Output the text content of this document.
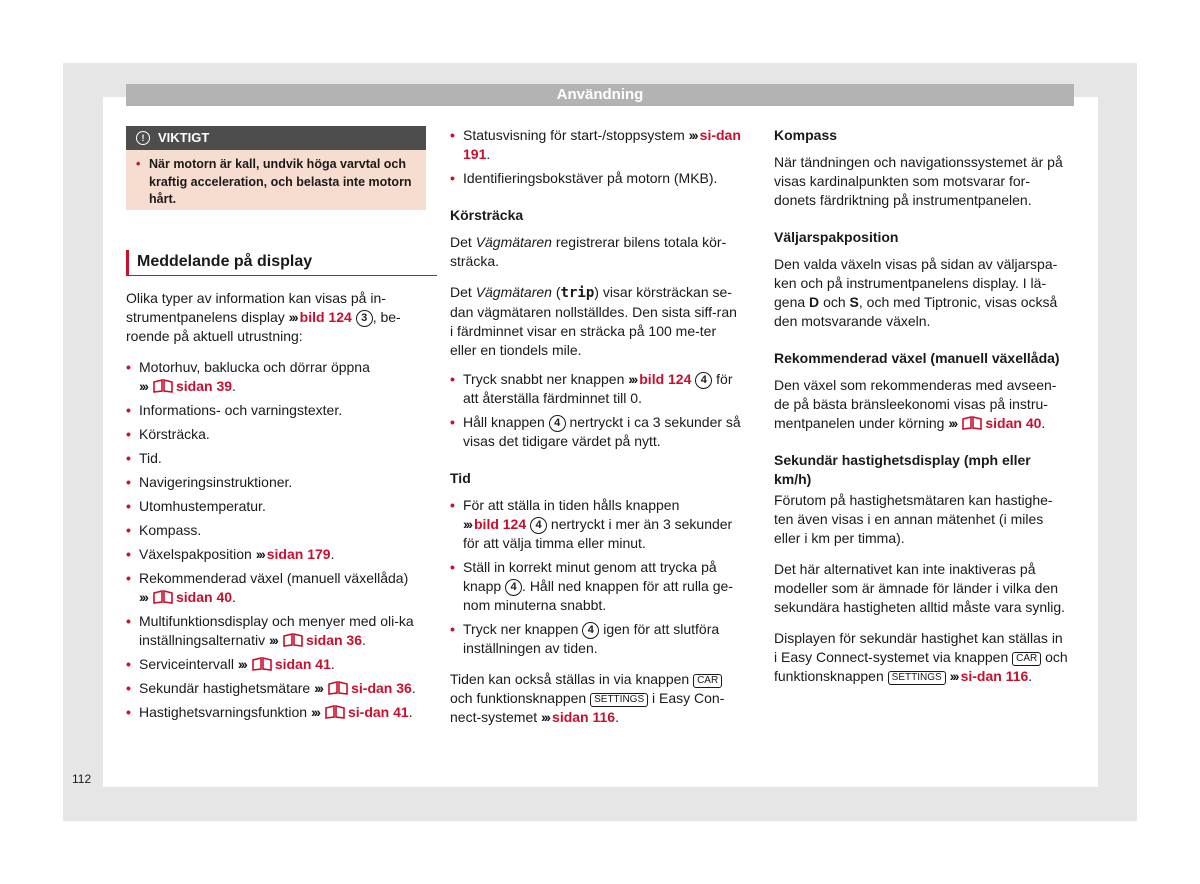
Användning
! VIKTIGT
• När motorn är kall, undvik höga varvtal och kraftig acceleration, och belasta inte motorn hårt.
Meddelande på display

Olika typer av information kan visas på in-strumentpanelens display ››› bild 124 3 , be-roende på aktuell utrustning:

• Motorhuv, baklucka och dörrar öppna
››› sidan 39.
• Informations- och varningstexter.
• Körsträcka.
• Tid.
• Navigeringsinstruktioner.
• Utomhustemperatur.
• Kompass.
• Växelspakposition ››› sidan 179.
• Rekommenderad växel (manuell växellåda)
››› sidan 40.
• Multifunktionsdisplay och menyer med oli-ka inställningsalternativ ››› sidan 36.
• Serviceintervall ››› sidan 41.
• Sekundär hastighetsmätare ››› si-dan 36.
• Hastighetsvarningsfunktion ››› si-dan 41.
• Statusvisning för start-/stoppsystem ››› si-dan 191.
• Identifieringsbokstäver på motorn (MKB).
Körsträcka

Det Vägmätaren registrerar bilens totala kör-sträcka.

Det Vägmätaren (trip) visar körsträckan se-dan vägmätaren nollställdes. Den sista siff-ran i färdminnet visar en sträcka på 100 me-ter eller en tiondels mile.

• Tryck snabbt ner knappen ››› bild 124 4 för att återställa färdminnet till 0.
• Håll knappen 4 nertryckt i ca 3 sekunder så visas det tidigare värdet på nytt.
Tid
• För att ställa in tiden hålls knappen
››› bild 124 4 nertryckt i mer än 3 sekunder för att välja timma eller minut.
• Ställ in korrekt minut genom att trycka på knapp 4 . Håll ned knappen för att rulla ge-nom minuterna snabbt.
• Tryck ner knappen 4 igen för att slutföra inställningen av tiden.

Tiden kan också ställas in via knappen CAR
och funktionsknappen SETTINGS i Easy Con-nect-systemet ››› sidan 116.

Kompass

När tändningen och navigationssystemet är på visas kardinalpunkten som motsvarar for-donets färdriktning på instrumentpanelen.

Väljarspakposition

Den valda växeln visas på sidan av väljarspa-ken och på instrumentpanelens display. I lä-gena D och S, och med Tiptronic, visas också den motsvarande växeln.

Rekommenderad växel (manuell växellåda)

Den växel som rekommenderas med avseen-de på bästa bränsleekonomi visas på instru-mentpanelen under körning ››› sidan 40.

Sekundär hastighetsdisplay (mph eller km/h)

Förutom på hastighetsmätaren kan hastighe-ten även visas i en annan mätenhet (i miles eller i km per timma).

Det här alternativet kan inte inaktiveras på modeller som är ämnade för länder i vilka den sekundära hastigheten alltid måste vara synlig.

Displayen för sekundär hastighet kan ställas in i Easy Connect-systemet via knappen CAR och funktionsknappen SETTINGS ››› si-dan 116.

112
